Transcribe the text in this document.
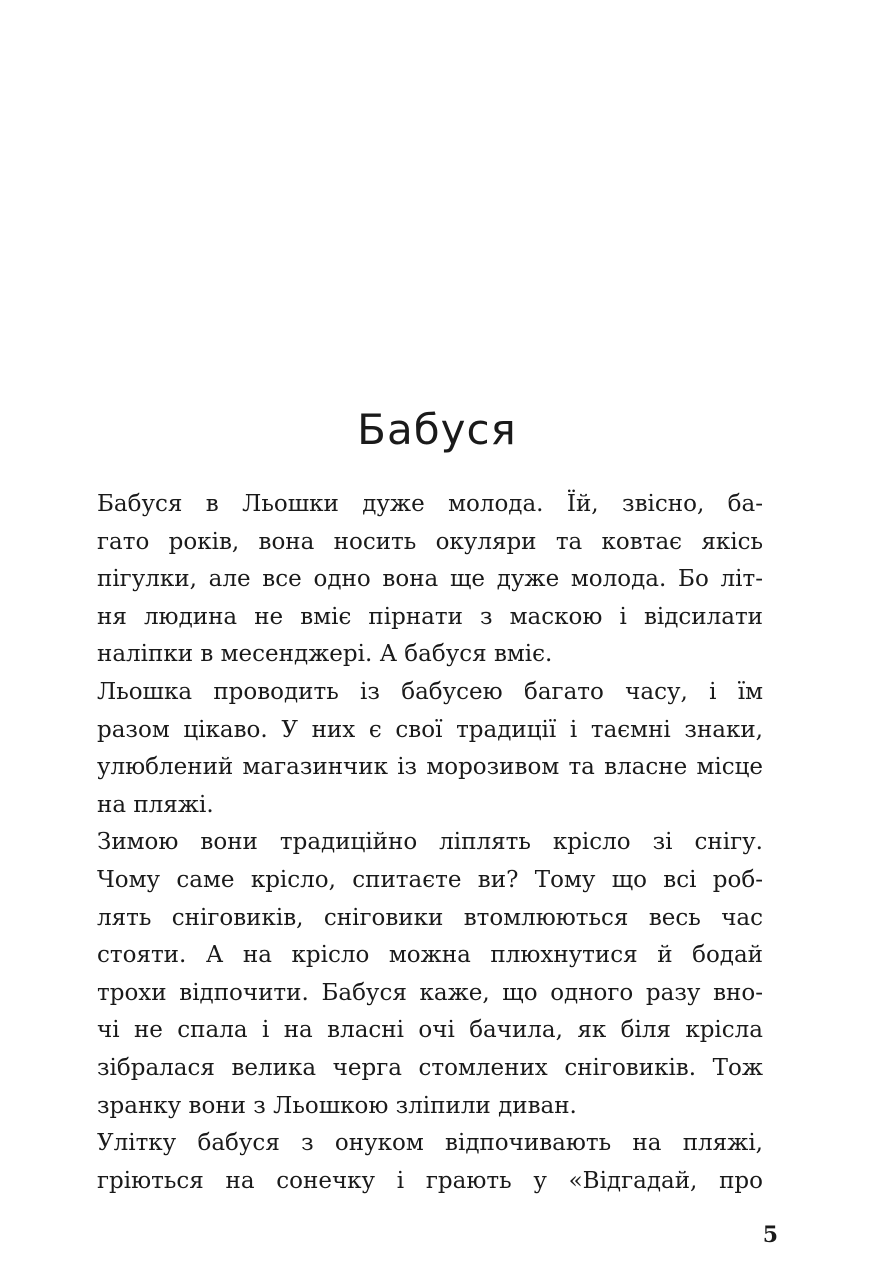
Бабуся
Бабуся в Льошки дуже молода. Їй, звісно, ба-
гато років, вона носить окуляри та ковтає якісь
пігулки, але все одно вона ще дуже молода. Бо літ-
ня людина не вміє пірнати з маскою і відсилати
наліпки в месенджері. А бабуся вміє.
Льошка проводить із бабусею багато часу, і їм
разом цікаво. У них є свої традиції і таємні знаки,
улюблений магазинчик із морозивом та власне місце
на пляжі.
Зимою вони традиційно ліплять крісло зі снігу.
Чому саме крісло, спитаєте ви? Тому що всі роб-
лять сніговиків, сніговики втомлюються весь час
стояти. А на крісло можна плюхнутися й бодай
трохи відпочити. Бабуся каже, що одного разу вно-
чі не спала і на власні очі бачила, як біля крісла
зібралася велика черга стомлених сніговиків. Тож
зранку вони з Льошкою зліпили диван.
Улітку бабуся з онуком відпочивають на пляжі,
гріються на сонечку і грають у «Відгадай, про
5
